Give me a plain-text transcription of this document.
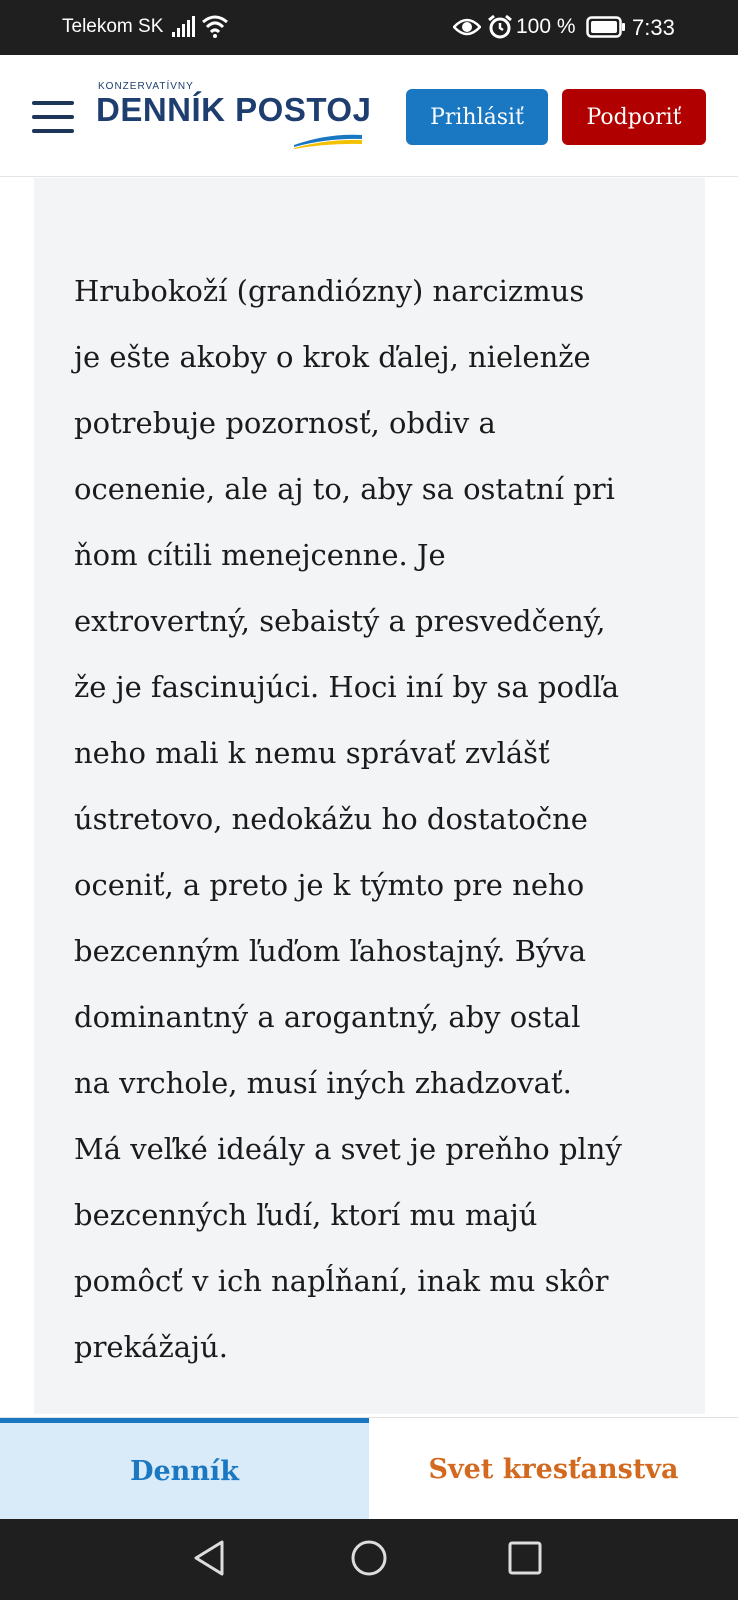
Telekom SK	100 %	7:33
KONZERVATÍVNY
DENNÍK POSTOJ	Prihlásiť	Podporiť
Hrubokoží (grandiózny) narcizmus
je ešte akoby o krok ďalej, nielenže
potrebuje pozornosť, obdiv a
ocenenie, ale aj to, aby sa ostatní pri
ňom cítili menejcenne. Je
extrovertný, sebaistý a presvedčený,
že je fascinujúci. Hoci iní by sa podľa
neho mali k nemu správať zvlášť
ústretovo, nedokážu ho dostatočne
oceniť, a preto je k týmto pre neho
bezcenným ľuďom ľahostajný. Býva
dominantný a arogantný, aby ostal
na vrchole, musí iných zhadzovať.
Má veľké ideály a svet je preňho plný
bezcenných ľudí, ktorí mu majú
pomôcť v ich napĺňaní, inak mu skôr
prekážajú.
Denník	Svet kresťanstva
